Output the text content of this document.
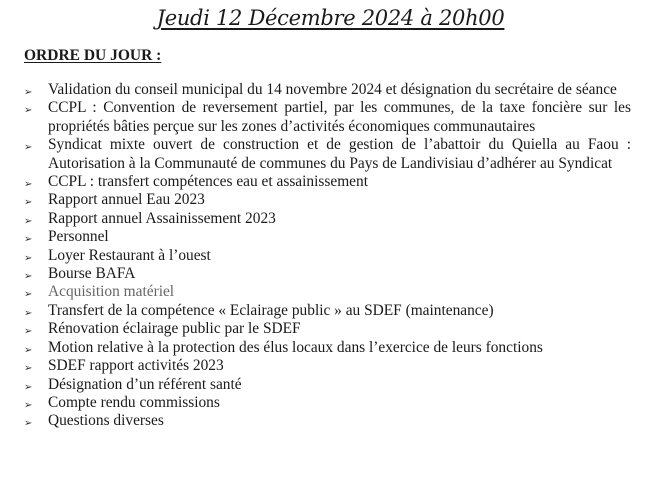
Jeudi 12 Décembre 2024 à 20h00
ORDRE DU JOUR :
➢ Validation du conseil municipal du 14 novembre 2024 et désignation du secrétaire de séance
➢ CCPL : Convention de reversement partiel, par les communes, de la taxe foncière sur les propriétés bâties perçue sur les zones d’activités économiques communautaires
➢ Syndicat mixte ouvert de construction et de gestion de l’abattoir du Quiella au Faou : Autorisation à la Communauté de communes du Pays de Landivisiau d’adhérer au Syndicat
➢ CCPL : transfert compétences eau et assainissement
➢ Rapport annuel Eau 2023
➢ Rapport annuel Assainissement 2023
➢ Personnel
➢ Loyer Restaurant à l’ouest
➢ Bourse BAFA
➢ Acquisition matériel
➢ Transfert de la compétence « Eclairage public » au SDEF (maintenance)
➢ Rénovation éclairage public par le SDEF
➢ Motion relative à la protection des élus locaux dans l’exercice de leurs fonctions
➢ SDEF rapport activités 2023
➢ Désignation d’un référent santé
➢ Compte rendu commissions
➢ Questions diverses
